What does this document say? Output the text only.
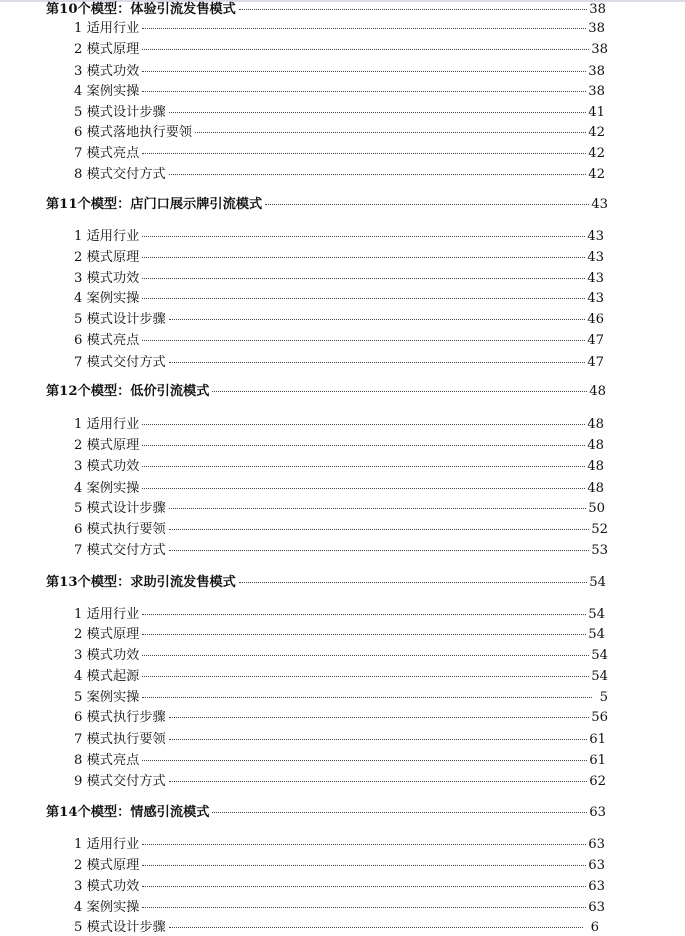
第10个模型：体验引流发售模式	38
1 适用行业	38
2 模式原理	38
3 模式功效	38
4 案例实操	38
5 模式设计步骤	41
6 模式落地执行要领	42
7 模式亮点	42
8 模式交付方式	42
第11个模型：店门口展示牌引流模式	43
1 适用行业	43
2 模式原理	43
3 模式功效	43
4 案例实操	43
5 模式设计步骤	46
6 模式亮点	47
7 模式交付方式	47
第12个模型：低价引流模式	48
1 适用行业	48
2 模式原理	48
3 模式功效	48
4 案例实操	48
5 模式设计步骤	50
6 模式执行要领	52
7 模式交付方式	53
第13个模型：求助引流发售模式	54
1 适用行业	54
2 模式原理	54
3 模式功效	54
4 模式起源	54
5 案例实操	5
6 模式执行步骤	56
7 模式执行要领	61
8 模式亮点	61
9 模式交付方式	62
第14个模型：情感引流模式	63
1 适用行业	63
2 模式原理	63
3 模式功效	63
4 案例实操	63
5 模式设计步骤	6
